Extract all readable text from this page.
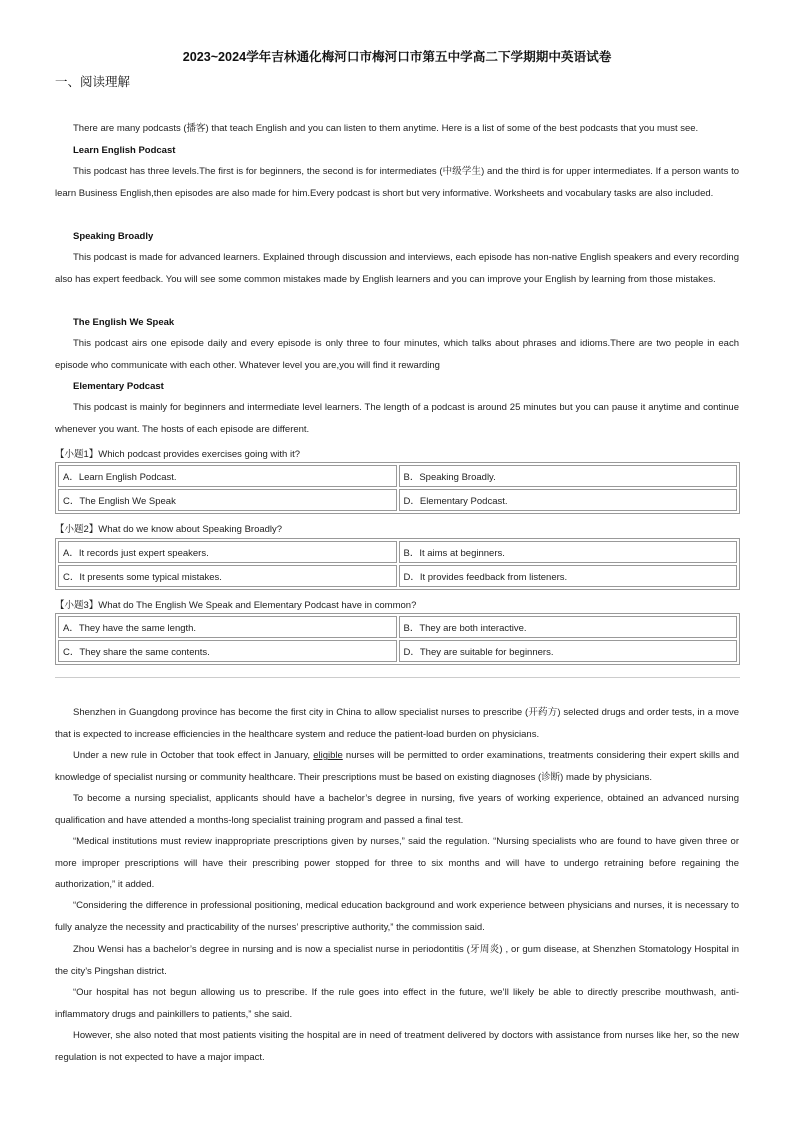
2023~2024学年吉林通化梅河口市梅河口市第五中学高二下学期期中英语试卷
一、阅读理解

There are many podcasts (播客) that teach English and you can listen to them anytime. Here is a list of some of the best podcasts that you must see.

Learn English Podcast

This podcast has three levels.The first is for beginners, the second is for intermediates (中级学生) and the third is for upper intermediates. If a person wants to learn Business English,then episodes are also made for him.Every podcast is short but very informative. Worksheets and vocabulary tasks are also included.

Speaking Broadly

This podcast is made for advanced learners. Explained through discussion and interviews, each episode has non-native English speakers and every recording also has expert feedback. You will see some common mistakes made by English learners and you can improve your English by learning from those mistakes.

The English We Speak

This podcast airs one episode daily and every episode is only three to four minutes, which talks about phrases and idioms.There are two people in each episode who communicate with each other. Whatever level you are,you will find it rewarding

Elementary Podcast

This podcast is mainly for beginners and intermediate level learners. The length of a podcast is around 25 minutes but you can pause it anytime and continue whenever you want. The hosts of each episode are different.

【小题1】Which podcast provides exercises going with it?
A．Learn English Podcast.	B．Speaking Broadly.
C．The English We Speak	D．Elementary Podcast.
【小题2】What do we know about Speaking Broadly?
A．It records just expert speakers.	B．It aims at beginners.
C．It presents some typical mistakes.	D．It provides feedback from listeners.
【小题3】What do The English We Speak and Elementary Podcast have in common?
A．They have the same length.	B．They are both interactive.
C．They share the same contents.	D．They are suitable for beginners.

Shenzhen in Guangdong province has become the first city in China to allow specialist nurses to prescribe (开药方) selected drugs and order tests, in a move that is expected to increase efficiencies in the healthcare system and reduce the patient-load burden on physicians.

Under a new rule in October that took effect in January, eligible nurses will be permitted to order examinations, treatments considering their expert skills and knowledge of specialist nursing or community healthcare. Their prescriptions must be based on existing diagnoses (诊断) made by physicians.

To become a nursing specialist, applicants should have a bachelor’s degree in nursing, five years of working experience, obtained an advanced nursing qualification and have attended a months-long specialist training program and passed a final test.

“Medical institutions must review inappropriate prescriptions given by nurses,” said the regulation. “Nursing specialists who are found to have given three or more improper prescriptions will have their prescribing power stopped for three to six months and will have to undergo retraining before regaining the authorization,” it added.

“Considering the difference in professional positioning, medical education background and work experience between physicians and nurses, it is necessary to fully analyze the necessity and practicability of the nurses’ prescriptive authority,” the commission said.

Zhou Wensi has a bachelor’s degree in nursing and is now a specialist nurse in periodontitis (牙周炎) , or gum disease, at Shenzhen Stomatology Hospital in the city’s Pingshan district.

“Our hospital has not begun allowing us to prescribe. If the rule goes into effect in the future, we’ll likely be able to directly prescribe mouthwash, anti-inflammatory drugs and painkillers to patients,” she said.

However, she also noted that most patients visiting the hospital are in need of treatment delivered by doctors with assistance from nurses like her, so the new regulation is not expected to have a major impact.
